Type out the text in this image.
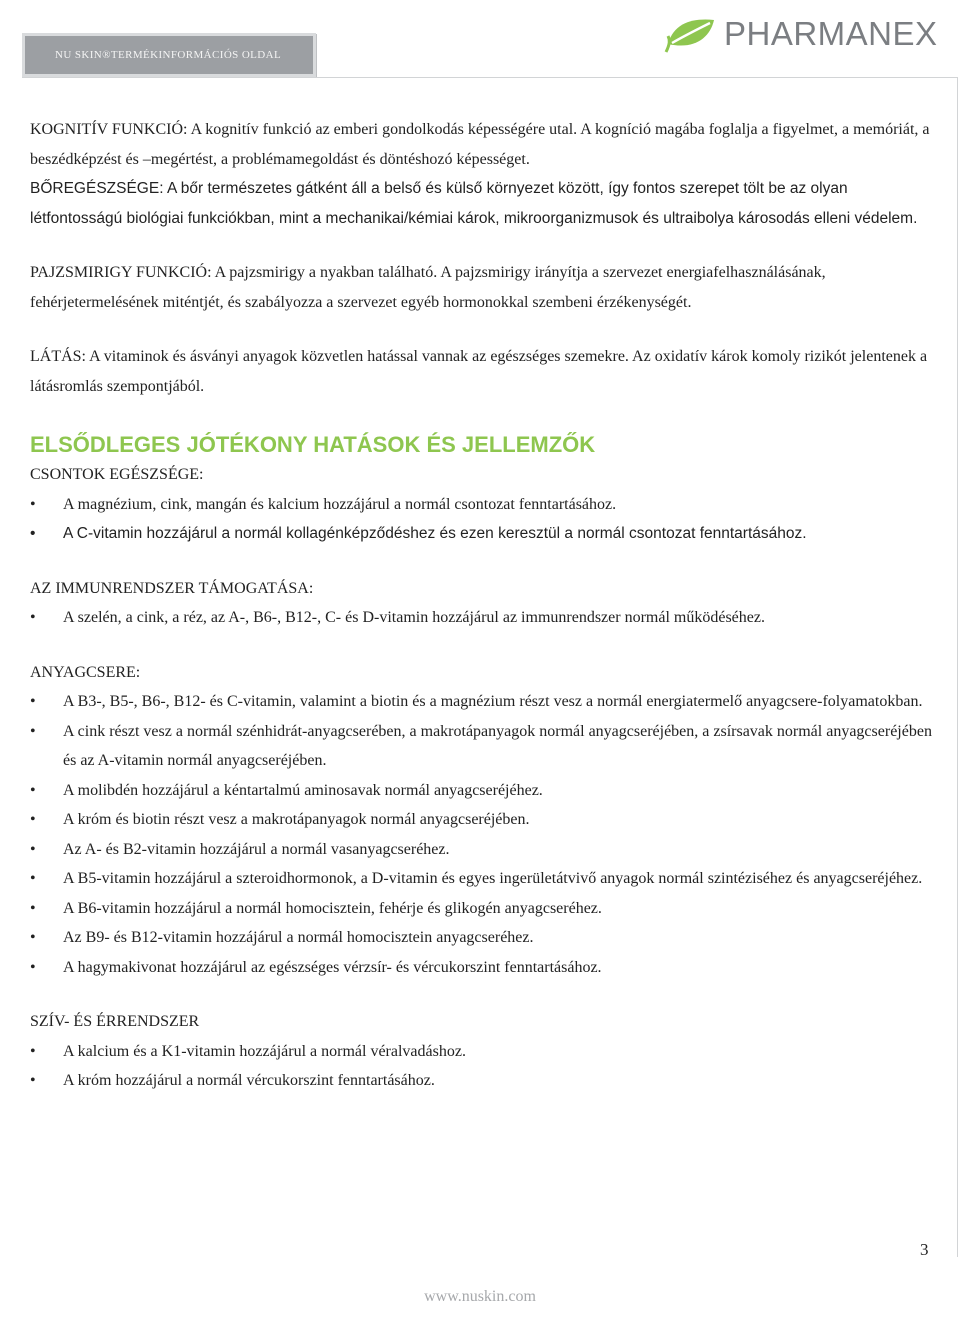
NU SKIN®TERMÉKINFORMÁCIÓS OLDAL
PHARMANEX

KOGNITÍV FUNKCIÓ: A kognitív funkció az emberi gondolkodás képességére utal. A kogníció magába foglalja a figyelmet, a memóriát, a beszédképzést és –megértést, a problémamegoldást és döntéshozó képességet.

BŐREGÉSZSÉGE: A bőr természetes gátként áll a belső és külső környezet között, így fontos szerepet tölt be az olyan létfontosságú biológiai funkciókban, mint a mechanikai/kémiai károk, mikroorganizmusok és ultraibolya károsodás elleni védelem.

PAJZSMIRIGY FUNKCIÓ: A pajzsmirigy a nyakban található. A pajzsmirigy irányítja a szervezet energiafelhasználásának, fehérjetermelésének miténtjét, és szabályozza a szervezet egyéb hormonokkal szembeni érzékenységét.

LÁTÁS: A vitaminok és ásványi anyagok közvetlen hatással vannak az egészséges szemekre. Az oxidatív károk komoly rizikót jelentenek a látásromlás szempontjából.

ELSŐDLEGES JÓTÉKONY HATÁSOK ÉS JELLEMZŐK

CSONTOK EGÉSZSÉGE:

• A magnézium, cink, mangán és kalcium hozzájárul a normál csontozat fenntartásához.
• A C-vitamin hozzájárul a normál kollagénképződéshez és ezen keresztül a normál csontozat fenntartásához.

AZ IMMUNRENDSZER TÁMOGATÁSA:

• A szelén, a cink, a réz, az A-, B6-, B12-, C- és D-vitamin hozzájárul az immunrendszer normál működéséhez.

ANYAGCSERE:

• A B3-, B5-, B6-, B12- és C-vitamin, valamint a biotin és a magnézium részt vesz a normál energiatermelő anyagcsere-folyamatokban.
• A cink részt vesz a normál szénhidrát-anyagcserében, a makrotápanyagok normál anyagcseréjében, a zsírsavak normál anyagcseréjében és az A-vitamin normál anyagcseréjében.
• A molibdén hozzájárul a kéntartalmú aminosavak normál anyagcseréjéhez.
• A króm és biotin részt vesz a makrotápanyagok normál anyagcseréjében.
• Az A- és B2-vitamin hozzájárul a normál vasanyagcseréhez.
• A B5-vitamin hozzájárul a szteroidhormonok, a D-vitamin és egyes ingerületátvivő anyagok normál szintéziséhez és anyagcseréjéhez.
• A B6-vitamin hozzájárul a normál homocisztein, fehérje és glikogén anyagcseréhez.
• Az B9- és B12-vitamin hozzájárul a normál homocisztein anyagcseréhez.
• A hagymakivonat hozzájárul az egészséges vérzsír- és vércukorszint fenntartásához.

SZÍV- ÉS ÉRRENDSZER

• A kalcium és a K1-vitamin hozzájárul a normál véralvadáshoz.
• A króm hozzájárul a normál vércukorszint fenntartásához.
3
www.nuskin.com
